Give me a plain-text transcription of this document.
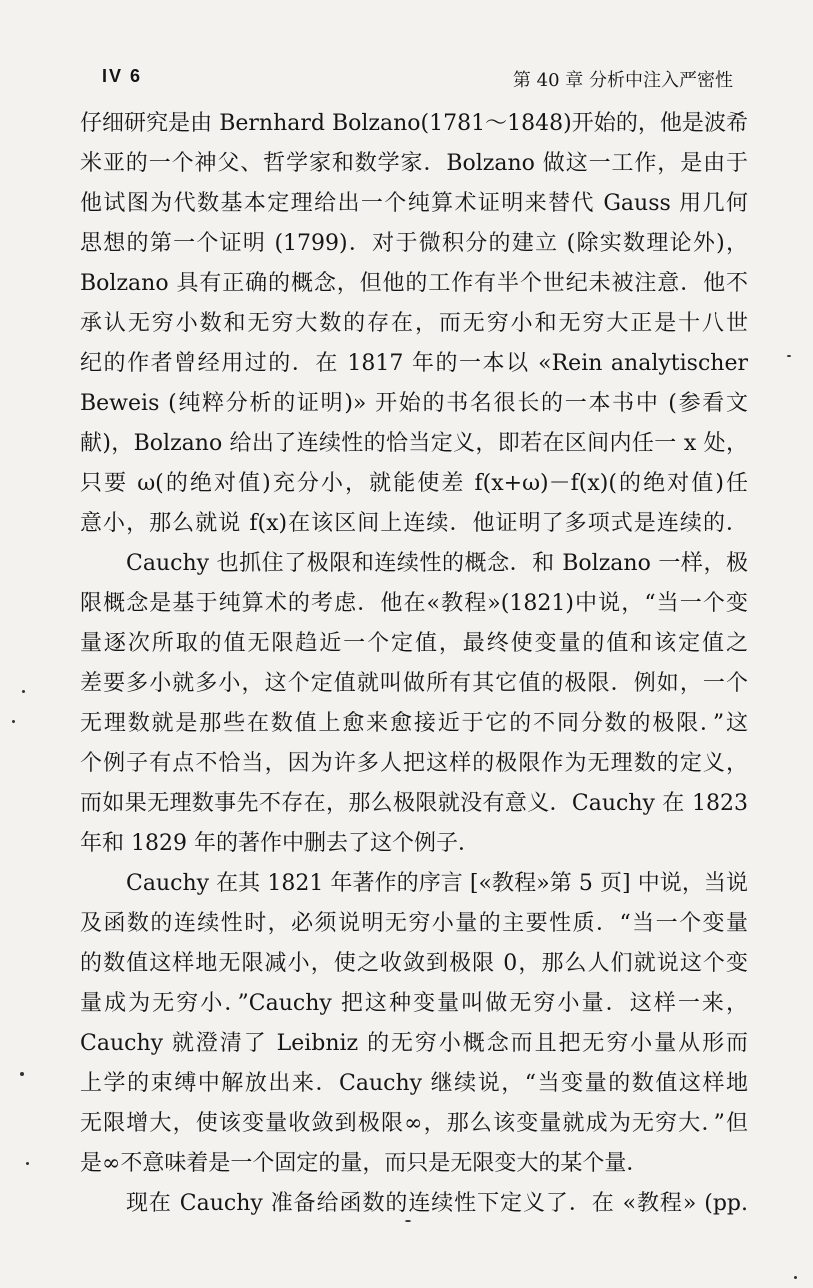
IV 6	第 40 章 分析中注入严密性
仔细研究是由 Bernhard Bolzano(1781～1848)开始的，他是波希
米亚的一个神父、哲学家和数学家．Bolzano 做这一工作，是由于
他试图为代数基本定理给出一个纯算术证明来替代 Gauss 用几何
思想的第一个证明 (1799)．对于微积分的建立 (除实数理论外)，
Bolzano 具有正确的概念，但他的工作有半个世纪未被注意．他不
承认无穷小数和无穷大数的存在，而无穷小和无穷大正是十八世
纪的作者曾经用过的．在 1817 年的一本以 «Rein analytischer
Beweis (纯粹分析的证明)» 开始的书名很长的一本书中 (参看文
献)，Bolzano 给出了连续性的恰当定义，即若在区间内任一 x 处，
只要 ω(的绝对值)充分小，就能使差 f(x+ω)－f(x)(的绝对值)任
意小，那么就说 f(x)在该区间上连续．他证明了多项式是连续的．
Cauchy 也抓住了极限和连续性的概念．和 Bolzano 一样，极
限概念是基于纯算术的考虑．他在«教程»(1821)中说，“当一个变
量逐次所取的值无限趋近一个定值，最终使变量的值和该定值之
差要多小就多小，这个定值就叫做所有其它值的极限．例如，一个
无理数就是那些在数值上愈来愈接近于它的不同分数的极限．”这
个例子有点不恰当，因为许多人把这样的极限作为无理数的定义，
而如果无理数事先不存在，那么极限就没有意义．Cauchy 在 1823
年和 1829 年的著作中删去了这个例子．
Cauchy 在其 1821 年著作的序言 [«教程»第 5 页] 中说，当说
及函数的连续性时，必须说明无穷小量的主要性质．“当一个变量
的数值这样地无限减小，使之收敛到极限 0，那么人们就说这个变
量成为无穷小．”Cauchy 把这种变量叫做无穷小量．这样一来，
Cauchy 就澄清了 Leibniz 的无穷小概念而且把无穷小量从形而
上学的束缚中解放出来．Cauchy 继续说，“当变量的数值这样地
无限增大，使该变量收敛到极限∞，那么该变量就成为无穷大．”但
是∞不意味着是一个固定的量，而只是无限变大的某个量．
现在 Cauchy 准备给函数的连续性下定义了．在 «教程» (pp.
